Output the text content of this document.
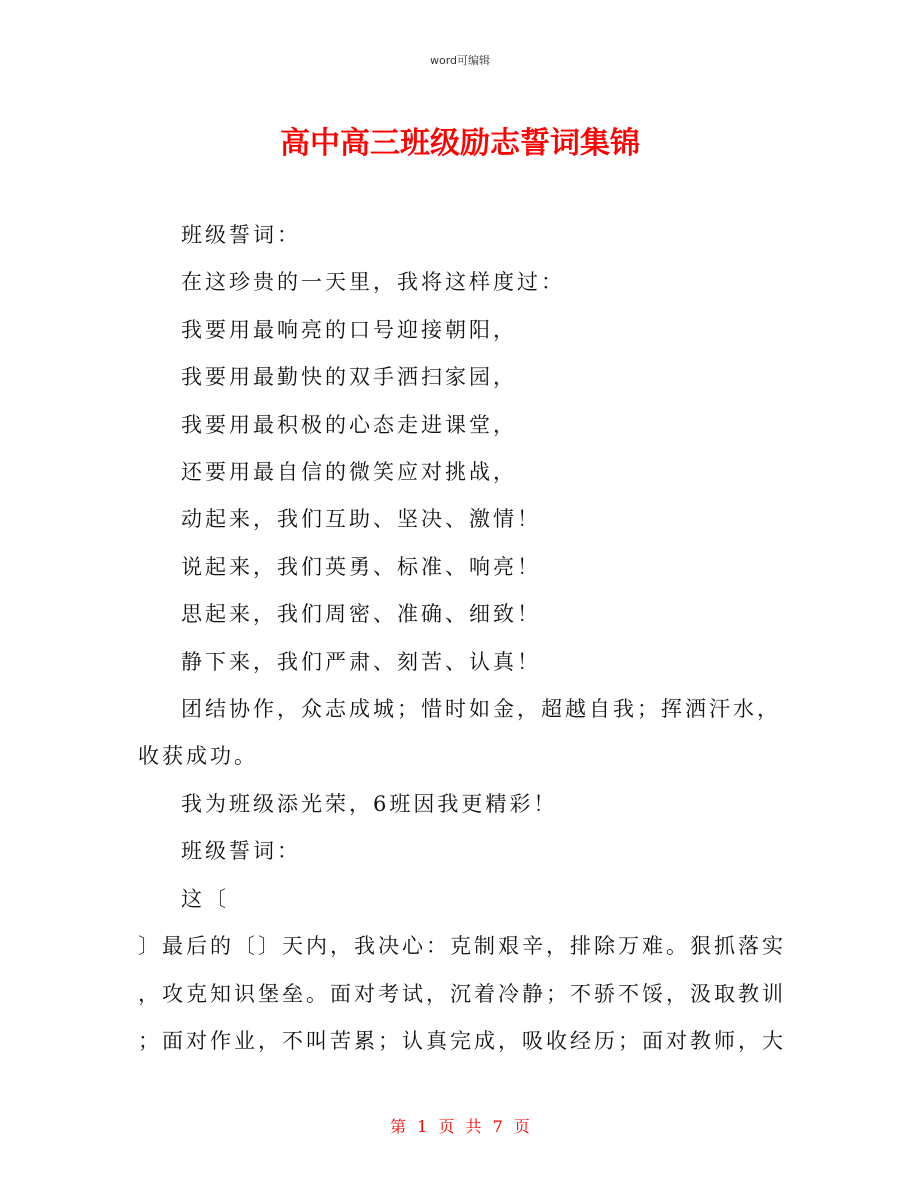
word可编辑
高中高三班级励志誓词集锦

班级誓词：

在这珍贵的一天里，我将这样度过：

我要用最响亮的口号迎接朝阳，

我要用最勤快的双手洒扫家园，

我要用最积极的心态走进课堂，

还要用最自信的微笑应对挑战，

动起来，我们互助、坚决、激情！

说起来，我们英勇、标准、响亮！

思起来，我们周密、准确、细致！

静下来，我们严肃、刻苦、认真！

团结协作，众志成城；惜时如金，超越自我；挥洒汗水，

收获成功。

我为班级添光荣，6班因我更精彩！

班级誓词：

这〔

〕最后的〔〕天内，我决心：克制艰辛，排除万难。狠抓落实

，攻克知识堡垒。面对考试，沉着冷静；不骄不馁，汲取教训

；面对作业，不叫苦累；认真完成，吸收经历；面对教师，大

第 1 页 共 7 页
